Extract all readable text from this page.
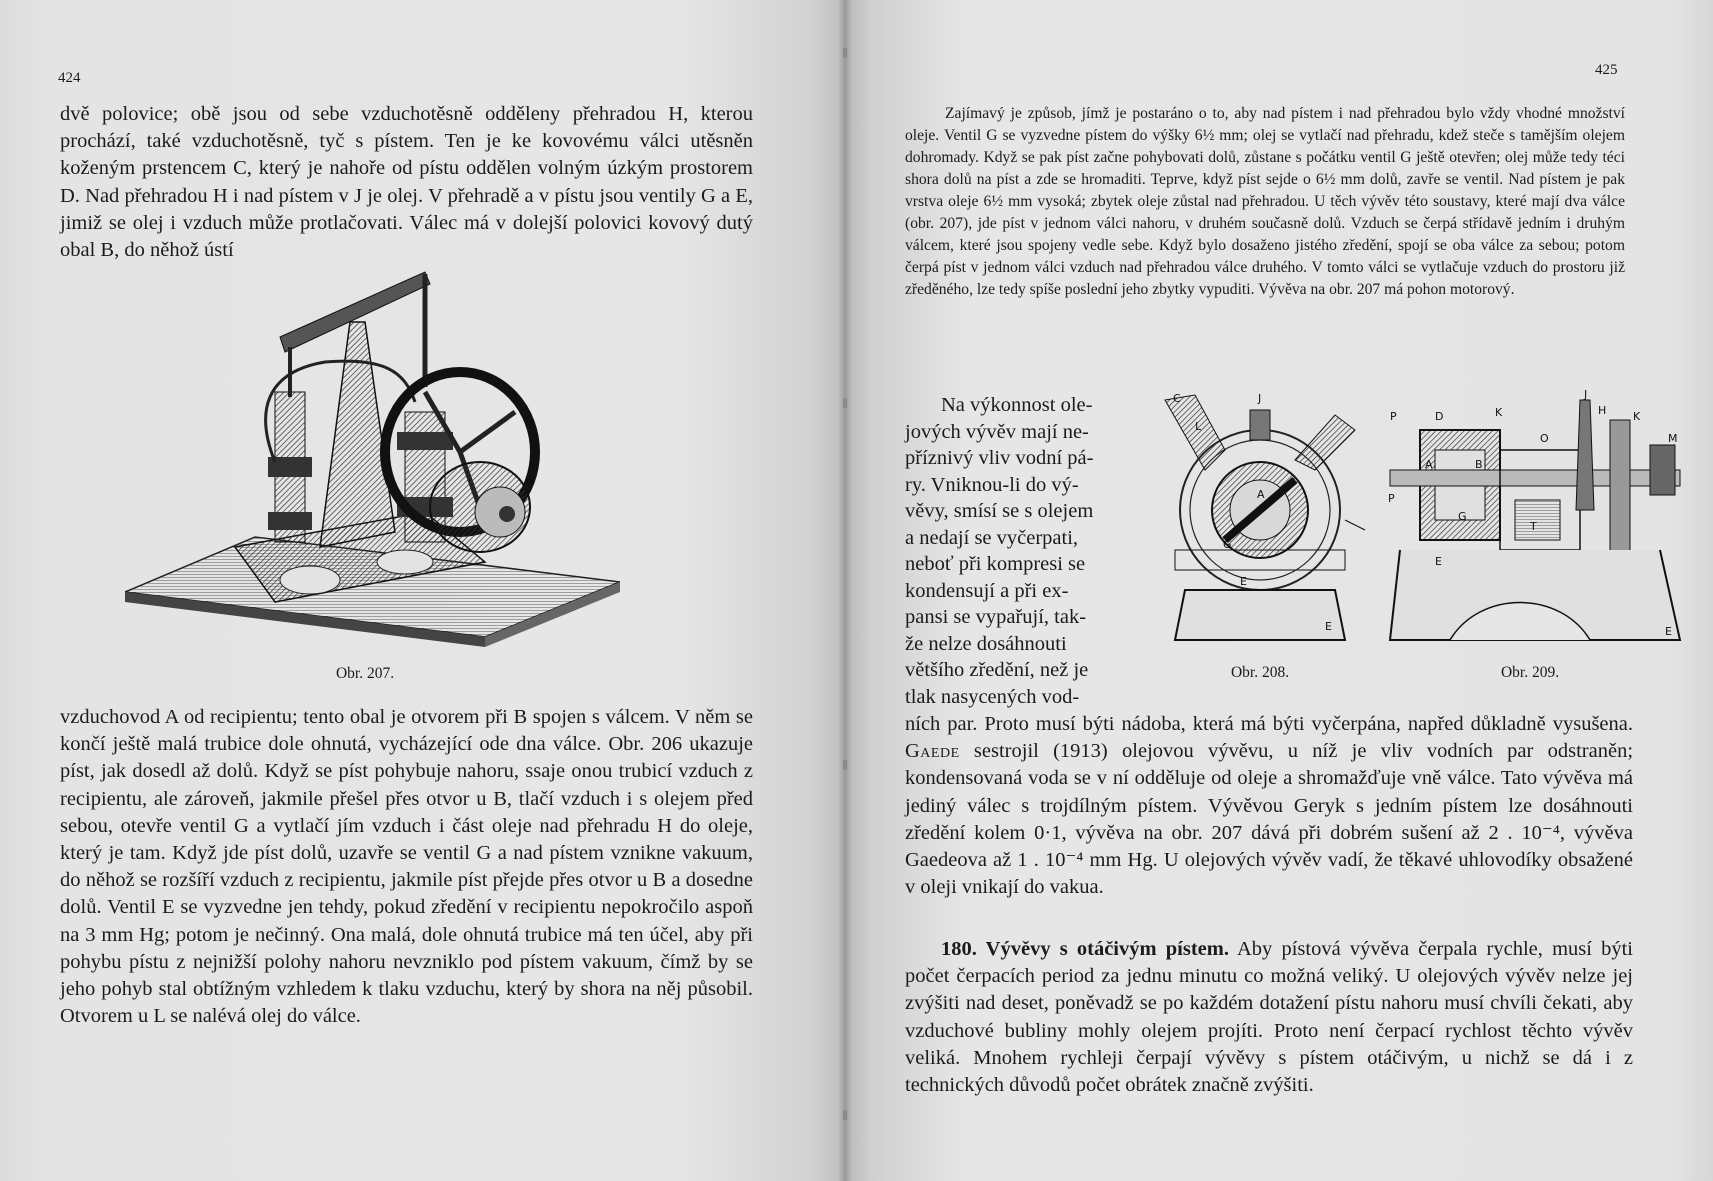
424

dvě polovice; obě jsou od sebe vzduchotěsně odděleny přehradou H, kterou prochází, také vzduchotěsně, tyč s pístem. Ten je ke kovovému válci utěsněn koženým prstencem C, který je nahoře od pístu oddělen volným úzkým prostorem D. Nad přehradou H i nad pístem v J je olej. V přehradě a v pístu jsou ventily G a E, jimiž se olej i vzduch může protlačovati. Válec má v dolejší polovici kovový dutý obal B, do něhož ústí

Obr. 207.

vzduchovod A od recipientu; tento obal je otvorem při B spojen s válcem. V něm se končí ještě malá trubice dole ohnutá, vycházející ode dna válce. Obr. 206 ukazuje píst, jak dosedl až dolů. Když se píst pohybuje nahoru, ssaje onou trubicí vzduch z recipientu, ale zároveň, jakmile přešel přes otvor u B, tlačí vzduch i s olejem před sebou, otevře ventil G a vytlačí jím vzduch i část oleje nad přehradu H do oleje, který je tam. Když jde píst dolů, uzavře se ventil G a nad pístem vznikne vakuum, do něhož se rozšíří vzduch z recipientu, jakmile píst přejde přes otvor u B a dosedne dolů. Ventil E se vyzvedne jen tehdy, pokud zředění v recipientu nepokročilo aspoň na 3 mm Hg; potom je nečinný. Ona malá, dole ohnutá trubice má ten účel, aby při pohybu pístu z nejnižší polohy nahoru nevzniklo pod pístem vakuum, čímž by se jeho pohyb stal obtížným vzhledem k tlaku vzduchu, který by shora na něj působil. Otvorem u L se nalévá olej do válce.

425

Zajímavý je způsob, jímž je postaráno o to, aby nad pístem i nad přehradou bylo vždy vhodné množství oleje. Ventil G se vyzvedne pístem do výšky 6½ mm; olej se vytlačí nad přehradu, kdež steče s tamějším olejem dohromady. Když se pak píst začne pohybovati dolů, zůstane s počátku ventil G ještě otevřen; olej může tedy téci shora dolů na píst a zde se hromaditi. Teprve, když píst sejde o 6½ mm dolů, zavře se ventil. Nad pístem je pak vrstva oleje 6½ mm vysoká; zbytek oleje zůstal nad přehradou. U těch vývěv této soustavy, které mají dva válce (obr. 207), jde píst v jednom válci nahoru, v druhém současně dolů. Vzduch se čerpá střídavě jedním i druhým válcem, které jsou spojeny vedle sebe. Když bylo dosaženo jistého zředění, spojí se oba válce za sebou; potom čerpá píst v jednom válci vzduch nad přehradou válce druhého. V tomto válci se vytlačuje vzduch do prostoru již zředěného, lze tedy spíše poslední jeho zbytky vypuditi. Vývěva na obr. 207 má pohon motorový.

Na výkonnost ole-
jových vývěv mají ne-
příznivý vliv vodní pá-
ry. Vniknou-li do vý-
věvy, smísí se s olejem
a nedají se vyčerpati,
neboť při kompresi se
kondensují a při ex-
pansi se vypařují, tak-
že nelze dosáhnouti
většího zředění, než je
tlak nasycených vod-
C	J
L
A
G
E
E
J
P	D	K	H K
A	B
M
O
P
G
T
E
E
Obr. 208.	Obr. 209.

ních par. Proto musí býti nádoba, která má býti vyčerpána, napřed důkladně vysušena. Gaede sestrojil (1913) olejovou vývěvu, u níž je vliv vodních par odstraněn; kondensovaná voda se v ní odděluje od oleje a shromažďuje vně válce. Tato vývěva má jediný válec s trojdílným pístem. Vývěvou Geryk s jedním pístem lze dosáhnouti zředění kolem 0·1, vývěva na obr. 207 dává při dobrém sušení až 2 . 10⁻⁴, vývěva Gaedeova až 1 . 10⁻⁴ mm Hg. U olejových vývěv vadí, že těkavé uhlovodíky obsažené v oleji vnikají do vakua.

180. Vývěvy s otáčivým pístem. Aby pístová vývěva čerpala rychle, musí býti počet čerpacích period za jednu minutu co možná veliký. U olejových vývěv nelze jej zvýšiti nad deset, poněvadž se po každém dotažení pístu nahoru musí chvíli čekati, aby vzduchové bubliny mohly olejem projíti. Proto není čerpací rychlost těchto vývěv veliká. Mnohem rychleji čerpají vývěvy s pístem otáčivým, u nichž se dá i z technických důvodů počet obrátek značně zvýšiti.
